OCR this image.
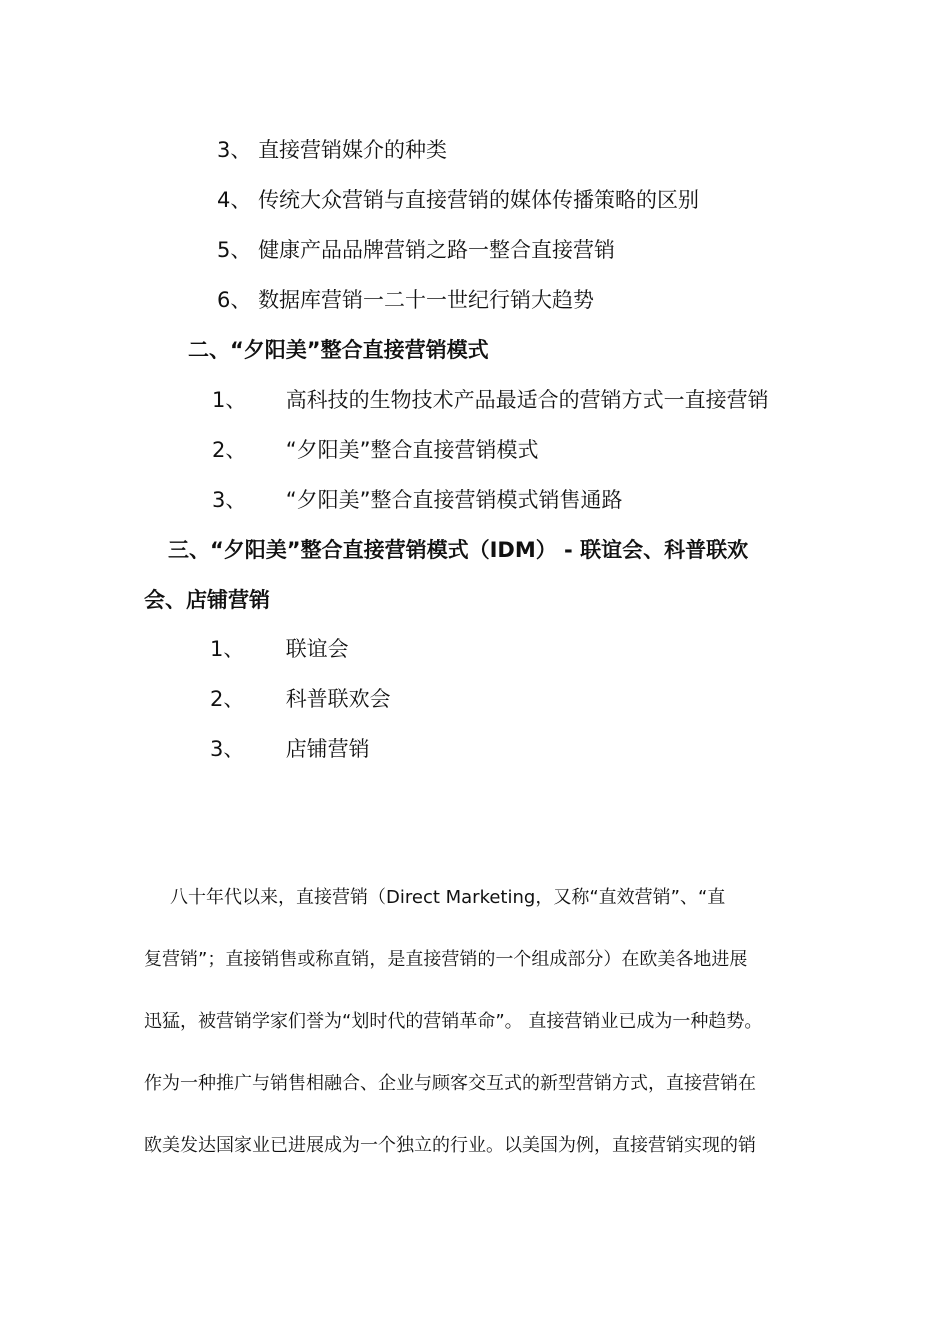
3、 直接营销媒介的种类
4、 传统大众营销与直接营销的媒体传播策略的区别
5、 健康产品品牌营销之路一整合直接营销
6、 数据库营销一二十一世纪行销大趋势
二、“夕阳美”整合直接营销模式
1、 高科技的生物技术产品最适合的营销方式一直接营销
2、 “夕阳美”整合直接营销模式
3、 “夕阳美”整合直接营销模式销售通路
三、“夕阳美”整合直接营销模式（IDM） - 联谊会、科普联欢
会、店铺营销
1、 联谊会
2、 科普联欢会
3、 店铺营销
八十年代以来，直接营销（Direct Marketing，又称“直效营销”、“直
复营销”；直接销售或称直销，是直接营销的一个组成部分）在欧美各地进展
迅猛，被营销学家们誉为“划时代的营销革命”。 直接营销业已成为一种趋势。
作为一种推广与销售相融合、企业与顾客交互式的新型营销方式，直接营销在
欧美发达国家业已进展成为一个独立的行业。以美国为例，直接营销实现的销
